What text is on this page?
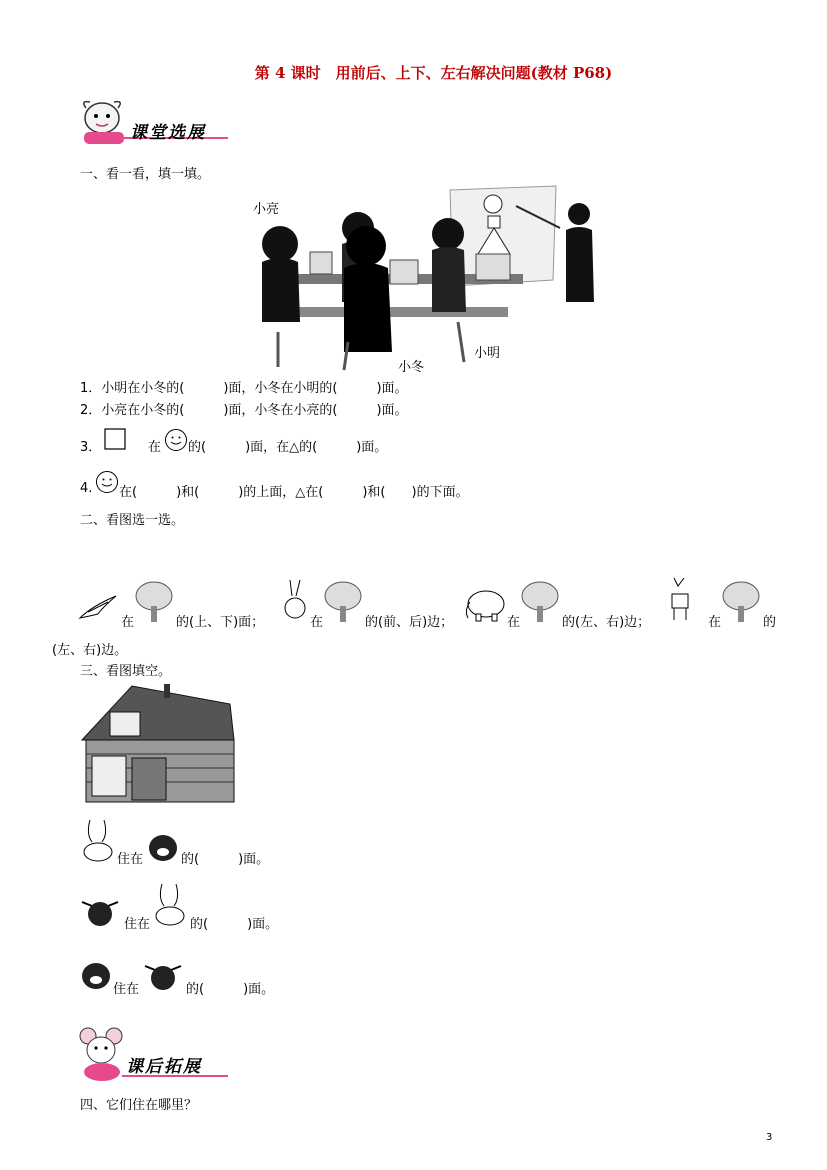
第 4 课时　用前后、上下、左右解决问题(教材 P68)
课堂选展
一、看一看，填一填。
小亮
小冬
小明
1．小明在小冬的(　　　)面，小冬在小明的(　　　)面。
2．小亮在小冬的(　　　)面，小冬在小亮的(　　　)面。
3．	在 的(　　　)面，在△的(　　　)面。
4. 在(　　　)和(　　　)的上面，△在(　　　)和(　　)的下面。
二、看图选一选。
在	的(上、下)面；	在	的(前、后)边；	在	的(左、右)边；	在	的
(左、右)边。
三、看图填空。
住在	的(　　　)面。
住在	的(　　　)面。
住在	的(　　　)面。
课后拓展
四、它们住在哪里？
3
